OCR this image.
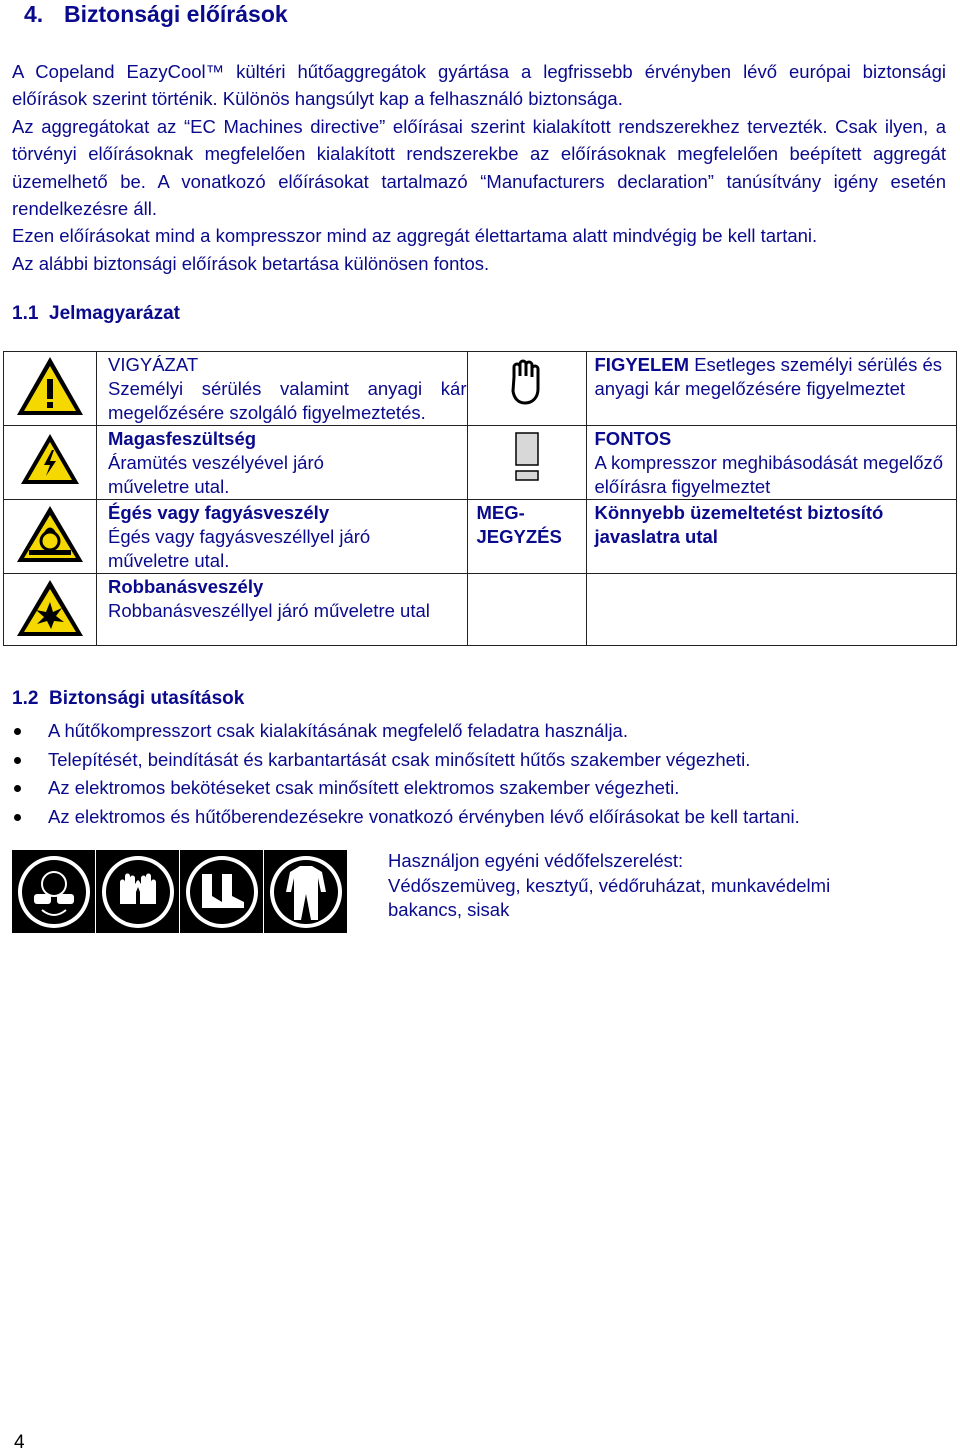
4. Biztonsági előírások

A Copeland EazyCool™ kültéri hűtőaggregátok gyártása a legfrissebb érvényben lévő európai biztonsági előírások szerint történik. Különös hangsúlyt kap a felhasználó biztonsága.

Az aggregátokat az “EC Machines directive” előírásai szerint kialakított rendszerekhez tervezték. Csak ilyen, a törvényi előírásoknak megfelelően kialakított rendszerekbe az előírásoknak megfelelően beépített aggregát üzemelhető be. A vonatkozó előírásokat tartalmazó “Manufacturers declaration” tanúsítvány igény esetén rendelkezésre áll.

Ezen előírásokat mind a kompresszor mind az aggregát élettartama alatt mindvégig be kell tartani.

Az alábbi biztonsági előírások betartása különösen fontos.

1.1 Jelmagyarázat

VIGYÁZAT
Személyi sérülés valamint anyagi kár megelőzésére szolgáló figyelmeztetés.		FIGYELEM Esetleges személyi sérülés és anyagi kár megelőzésére figyelmeztet

Magasfeszültség
Áramütés veszélyével járó műveletre utal.		FONTOS
A kompresszor meghibásodását megelőző előírásra figyelmeztet

Égés vagy fagyásveszély
Égés vagy fagyásveszéllyel járó műveletre utal.	MEG-
JEGYZÉS	Könnyebb üzemeltetést biztosító javaslatra utal

Robbanásveszély
Robbanásveszéllyel járó műveletre utal		

1.2 Biztonsági utasítások
A hűtőkompresszort csak kialakításának megfelelő feladatra használja.
Telepítését, beindítását és karbantartását csak minősített hűtős szakember végezheti.
Az elektromos bekötéseket csak minősített elektromos szakember végezheti.
Az elektromos és hűtőberendezésekre vonatkozó érvényben lévő előírásokat be kell tartani.
Használjon egyéni védőfelszerelést:
Védőszemüveg, kesztyű, védőruházat, munkavédelmi
bakancs, sisak
4
